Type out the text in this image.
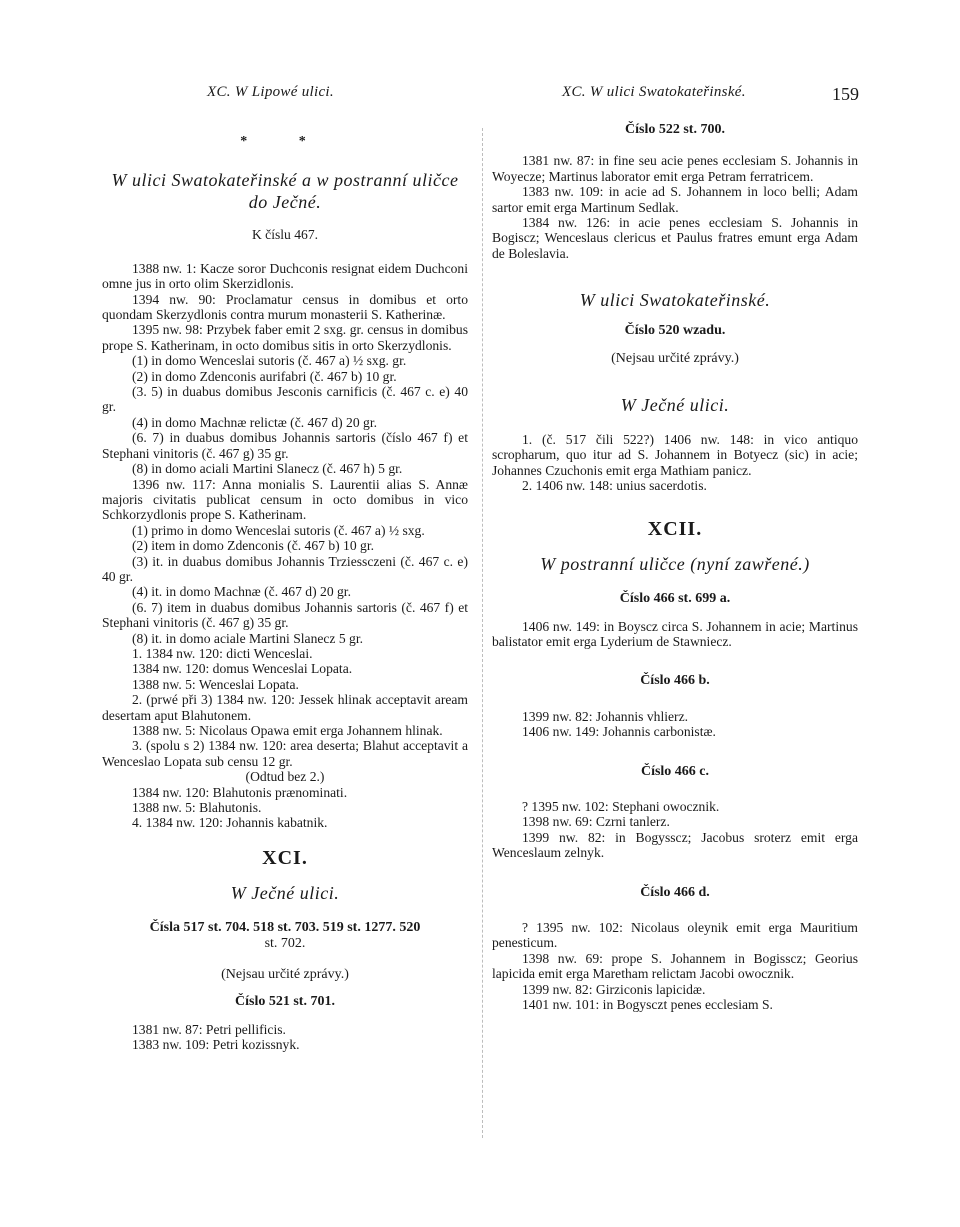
XC. W Lipowé ulici.	XC. W ulici Swatokateřinské.	159
* *

W ulici Swatokateřinské a w postranní uličce do Ječné.

K číslu 467.

1388 nw. 1: Kacze soror Duchconis resignat eidem Duchconi omne jus in orto olim Skerzidlonis.

1394 nw. 90: Proclamatur census in domibus et orto quondam Skerzydlonis contra murum monasterii S. Katherinæ.

1395 nw. 98: Przybek faber emit 2 sxg. gr. census in domibus prope S. Katherinam, in octo domibus sitis in orto Skerzydlonis.

(1) in domo Wenceslai sutoris (č. 467 a) ½ sxg. gr.

(2) in domo Zdenconis aurifabri (č. 467 b) 10 gr.

(3. 5) in duabus domibus Jesconis carnificis (č. 467 c. e) 40 gr.

(4) in domo Machnæ relictæ (č. 467 d) 20 gr.

(6. 7) in duabus domibus Johannis sartoris (číslo 467 f) et Stephani vinitoris (č. 467 g) 35 gr.

(8) in domo aciali Martini Slanecz (č. 467 h) 5 gr.

1396 nw. 117: Anna monialis S. Laurentii alias S. Annæ majoris civitatis publicat censum in octo domibus in vico Schkorzydlonis prope S. Katherinam.

(1) primo in domo Wenceslai sutoris (č. 467 a) ½ sxg.

(2) item in domo Zdenconis (č. 467 b) 10 gr.

(3) it. in duabus domibus Johannis Trziessczeni (č. 467 c. e) 40 gr.

(4) it. in domo Machnæ (č. 467 d) 20 gr.

(6. 7) item in duabus domibus Johannis sartoris (č. 467 f) et Stephani vinitoris (č. 467 g) 35 gr.

(8) it. in domo aciale Martini Slanecz 5 gr.

1. 1384 nw. 120: dicti Wenceslai.

1384 nw. 120: domus Wenceslai Lopata.

1388 nw. 5: Wenceslai Lopata.

2. (prwé při 3) 1384 nw. 120: Jessek hlinak acceptavit aream desertam aput Blahutonem.

1388 nw. 5: Nicolaus Opawa emit erga Johannem hlinak.

3. (spolu s 2) 1384 nw. 120: area deserta; Blahut acceptavit a Wenceslao Lopata sub censu 12 gr.

(Odtud bez 2.)

1384 nw. 120: Blahutonis prænominati.

1388 nw. 5: Blahutonis.

4. 1384 nw. 120: Johannis kabatnik.

XCI.

W Ječné ulici.

Čísla 517 st. 704. 518 st. 703. 519 st. 1277. 520

st. 702.

(Nejsau určité zprávy.)

Číslo 521 st. 701.

1381 nw. 87: Petri pellificis.

1383 nw. 109: Petri kozissnyk.

Číslo 522 st. 700.

1381 nw. 87: in fine seu acie penes ecclesiam S. Johannis in Woyecze; Martinus laborator emit erga Petram ferratricem.

1383 nw. 109: in acie ad S. Johannem in loco belli; Adam sartor emit erga Martinum Sedlak.

1384 nw. 126: in acie penes ecclesiam S. Johannis in Bogiscz; Wenceslaus clericus et Paulus fratres emunt erga Adam de Boleslavia.

W ulici Swatokateřinské.

Číslo 520 wzadu.

(Nejsau určité zprávy.)

W Ječné ulici.

1. (č. 517 čili 522?) 1406 nw. 148: in vico antiquo scropharum, quo itur ad S. Johannem in Botyecz (sic) in acie; Johannes Czuchonis emit erga Mathiam panicz.

2. 1406 nw. 148: unius sacerdotis.

XCII.

W postranní uličce (nyní zawřené.)

Číslo 466 st. 699 a.

1406 nw. 149: in Boyscz circa S. Johannem in acie; Martinus balistator emit erga Lyderium de Stawniecz.

Číslo 466 b.

1399 nw. 82: Johannis vhlierz.

1406 nw. 149: Johannis carbonistæ.

Číslo 466 c.

? 1395 nw. 102: Stephani owocznik.

1398 nw. 69: Czrni tanlerz.

1399 nw. 82: in Bogysscz; Jacobus sroterz emit erga Wenceslaum zelnyk.

Číslo 466 d.

? 1395 nw. 102: Nicolaus oleynik emit erga Mauritium penesticum.

1398 nw. 69: prope S. Johannem in Bogisscz; Georius lapicida emit erga Maretham relictam Jacobi owocznik.

1399 nw. 82: Girziconis lapicidæ.

1401 nw. 101: in Bogysczt penes ecclesiam S.
